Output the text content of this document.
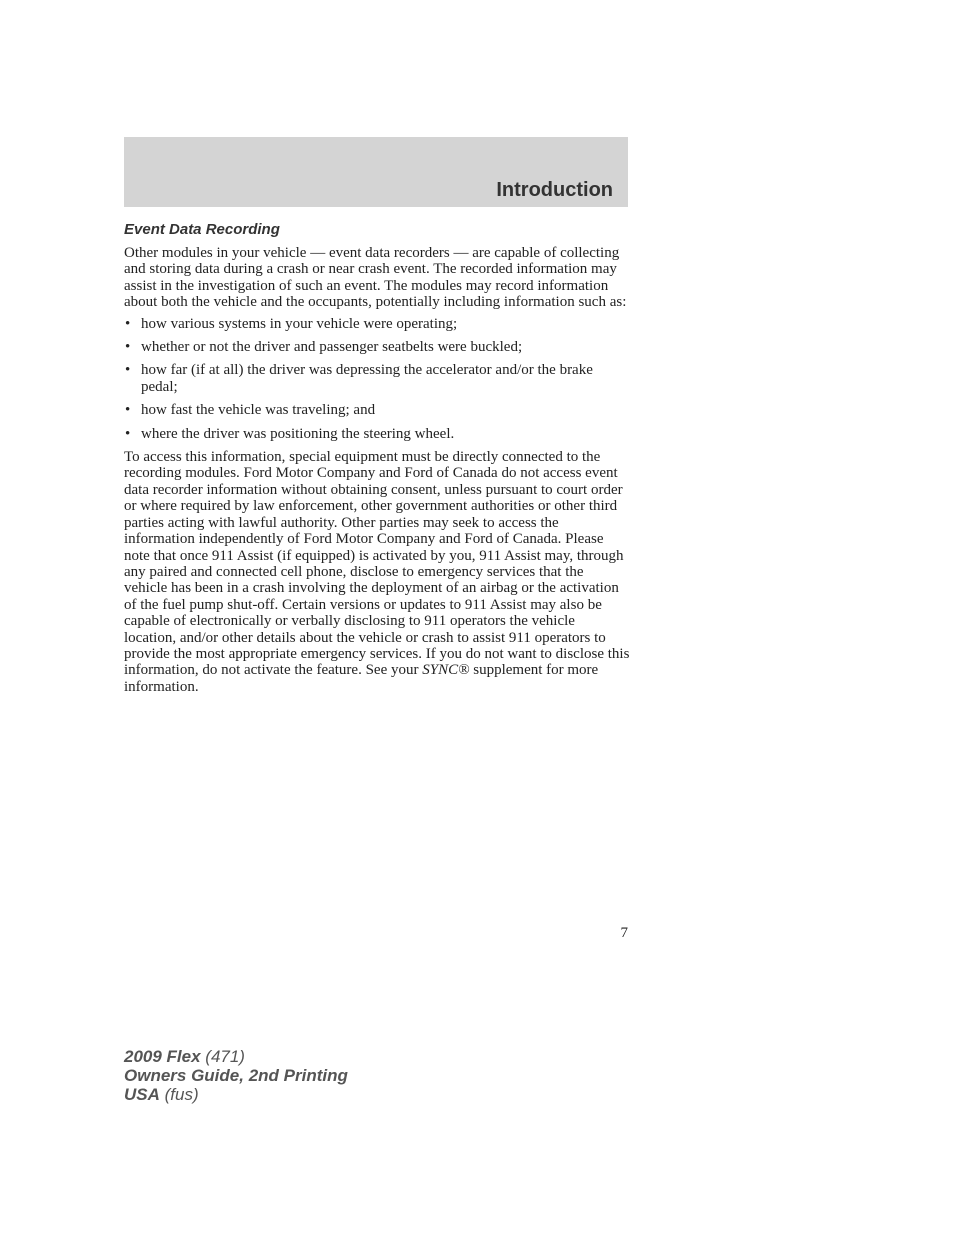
Introduction
Event Data Recording

Other modules in your vehicle — event data recorders — are capable of collecting and storing data during a crash or near crash event. The recorded information may assist in the investigation of such an event. The modules may record information about both the vehicle and the occupants, potentially including information such as:

• how various systems in your vehicle were operating;
• whether or not the driver and passenger seatbelts were buckled;
• how far (if at all) the driver was depressing the accelerator and/or the brake pedal;
• how fast the vehicle was traveling; and
• where the driver was positioning the steering wheel.

To access this information, special equipment must be directly connected to the recording modules. Ford Motor Company and Ford of Canada do not access event data recorder information without obtaining consent, unless pursuant to court order or where required by law enforcement, other government authorities or other third parties acting with lawful authority. Other parties may seek to access the information independently of Ford Motor Company and Ford of Canada. Please note that once 911 Assist (if equipped) is activated by you, 911 Assist may, through any paired and connected cell phone, disclose to emergency services that the vehicle has been in a crash involving the deployment of an airbag or the activation of the fuel pump shut-off. Certain versions or updates to 911 Assist may also be capable of electronically or verbally disclosing to 911 operators the vehicle location, and/or other details about the vehicle or crash to assist 911 operators to provide the most appropriate emergency services. If you do not want to disclose this information, do not activate the feature. See your SYNC® supplement for more information.

7
2009 Flex (471)
Owners Guide, 2nd Printing
USA (fus)
